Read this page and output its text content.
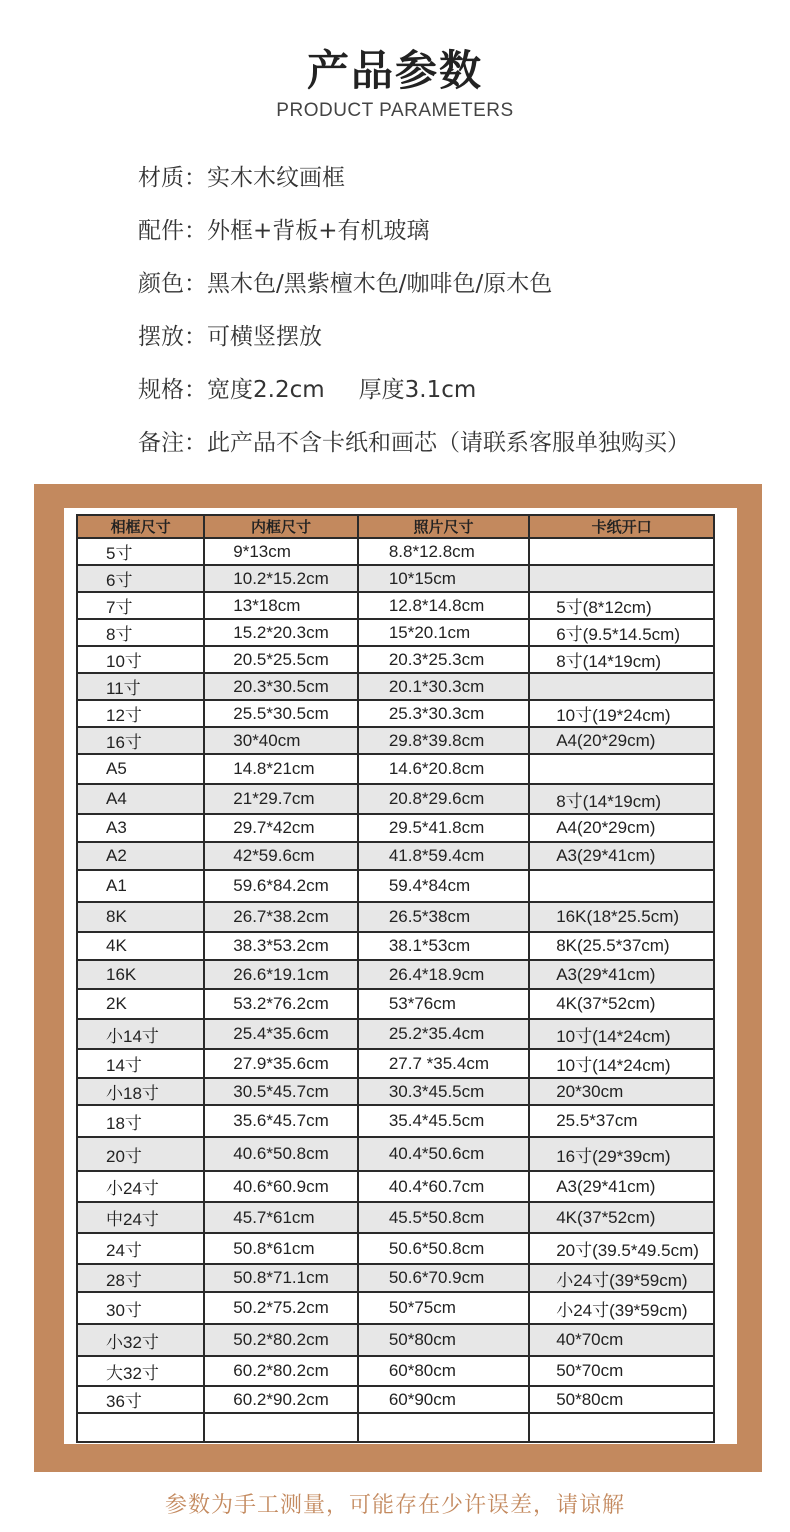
产品参数
PRODUCT PARAMETERS
材质：实木木纹画框
配件：外框+背板+有机玻璃
颜色：黑木色/黑紫檀木色/咖啡色/原木色
摆放：可横竖摆放
规格：宽度2.2cm 厚度3.1cm
备注：此产品不含卡纸和画芯（请联系客服单独购买）
相框尺寸	内框尺寸	照片尺寸	卡纸开口
5寸	9*13cm	8.8*12.8cm	
6寸	10.2*15.2cm	10*15cm	
7寸	13*18cm	12.8*14.8cm	5寸(8*12cm)
8寸	15.2*20.3cm	15*20.1cm	6寸(9.5*14.5cm)
10寸	20.5*25.5cm	20.3*25.3cm	8寸(14*19cm)
11寸	20.3*30.5cm	20.1*30.3cm	
12寸	25.5*30.5cm	25.3*30.3cm	10寸(19*24cm)
16寸	30*40cm	29.8*39.8cm	A4(20*29cm)
A5	14.8*21cm	14.6*20.8cm	
A4	21*29.7cm	20.8*29.6cm	8寸(14*19cm)
A3	29.7*42cm	29.5*41.8cm	A4(20*29cm)
A2	42*59.6cm	41.8*59.4cm	A3(29*41cm)
A1	59.6*84.2cm	59.4*84cm	
8K	26.7*38.2cm	26.5*38cm	16K(18*25.5cm)
4K	38.3*53.2cm	38.1*53cm	8K(25.5*37cm)
16K	26.6*19.1cm	26.4*18.9cm	A3(29*41cm)
2K	53.2*76.2cm	53*76cm	4K(37*52cm)
小14寸	25.4*35.6cm	25.2*35.4cm	10寸(14*24cm)
14寸	27.9*35.6cm	27.7 *35.4cm	10寸(14*24cm)
小18寸	30.5*45.7cm	30.3*45.5cm	20*30cm
18寸	35.6*45.7cm	35.4*45.5cm	25.5*37cm
20寸	40.6*50.8cm	40.4*50.6cm	16寸(29*39cm)
小24寸	40.6*60.9cm	40.4*60.7cm	A3(29*41cm)
中24寸	45.7*61cm	45.5*50.8cm	4K(37*52cm)
24寸	50.8*61cm	50.6*50.8cm	20寸(39.5*49.5cm)
28寸	50.8*71.1cm	50.6*70.9cm	小24寸(39*59cm)
30寸	50.2*75.2cm	50*75cm	小24寸(39*59cm)
小32寸	50.2*80.2cm	50*80cm	40*70cm
大32寸	60.2*80.2cm	60*80cm	50*70cm
36寸	60.2*90.2cm	60*90cm	50*80cm

参数为手工测量，可能存在少许误差，请谅解
